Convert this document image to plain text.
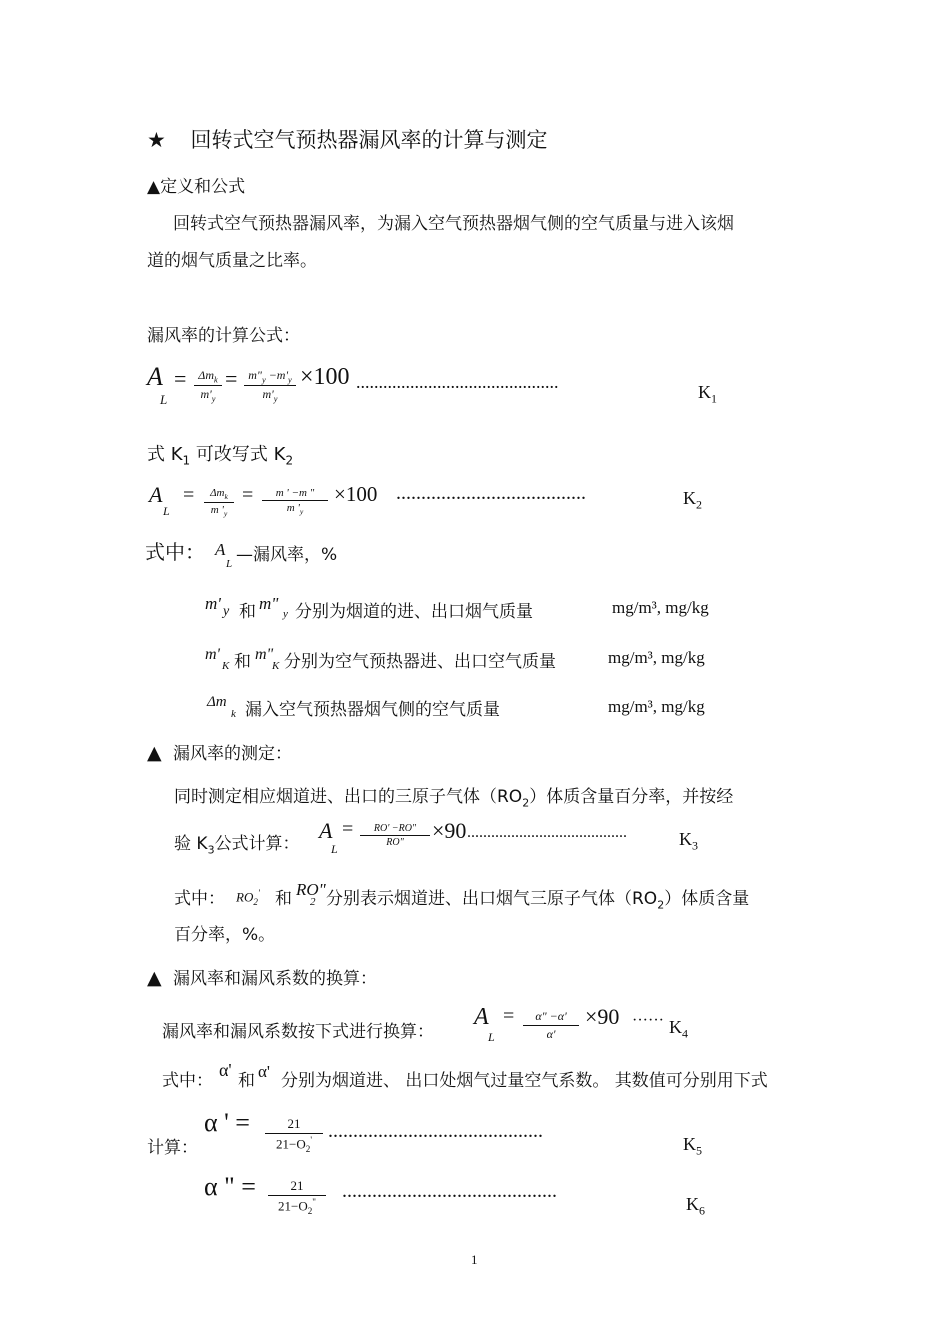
★ 回转式空气预热器漏风率的计算与测定
▲定义和公式
回转式空气预热器漏风率，为漏入空气预热器烟气侧的空气质量与进入该烟
道的烟气质量之比率。
漏风率的计算公式：
A
L
= $\Delta m_k$
$m'_y$
= $m"_y -m'_y$
$m'_y$
×100 .............................................	$K_1$
式 $K_1$ 可改写式 $K_2$
A
L
=	$\Delta m_k$
m '$_y$
=	m ' −m "
m '$_y$
×100 ......................................	$K_2$
式中： A
L —漏风率，%
m' y 和 m"
y 分别为烟道的进、出口烟气质量	mg/m³, mg/kg
m'
K 和 m"
K 分别为空气预热器进、出口空气质量	mg/m³, mg/kg
Δm
k 漏入空气预热器烟气侧的空气质量	mg/m³, mg/kg
▲ 漏风率的测定：
同时测定相应烟道进、出口的三原子气体$(RO_2)$体质含量百分率，并按经
验 $K_3$公式计算：
A
L
=	RO' −RO"
RO"	×90 ........................................	$K_3$
式中： $RO_2'$ 和 RO"
2 分别表示烟道进、出口烟气三原子气体$(RO_2)$体质含量
百分率，%。
▲ 漏风率和漏风系数的换算：
漏风率和漏风系数按下式进行换算：
A
L
=	α" −α'
α'
×90 ······ $K_4$
式中：
α'
和 α' 分别为烟道进、 出口处烟气过量空气系数。 其数值可分别用下式
计算：
α ' =	21
$21-O_2'$ ...........................................
$K_5$
α " =	21
$21-O_2^"$	...........................................
$K_6$
1
